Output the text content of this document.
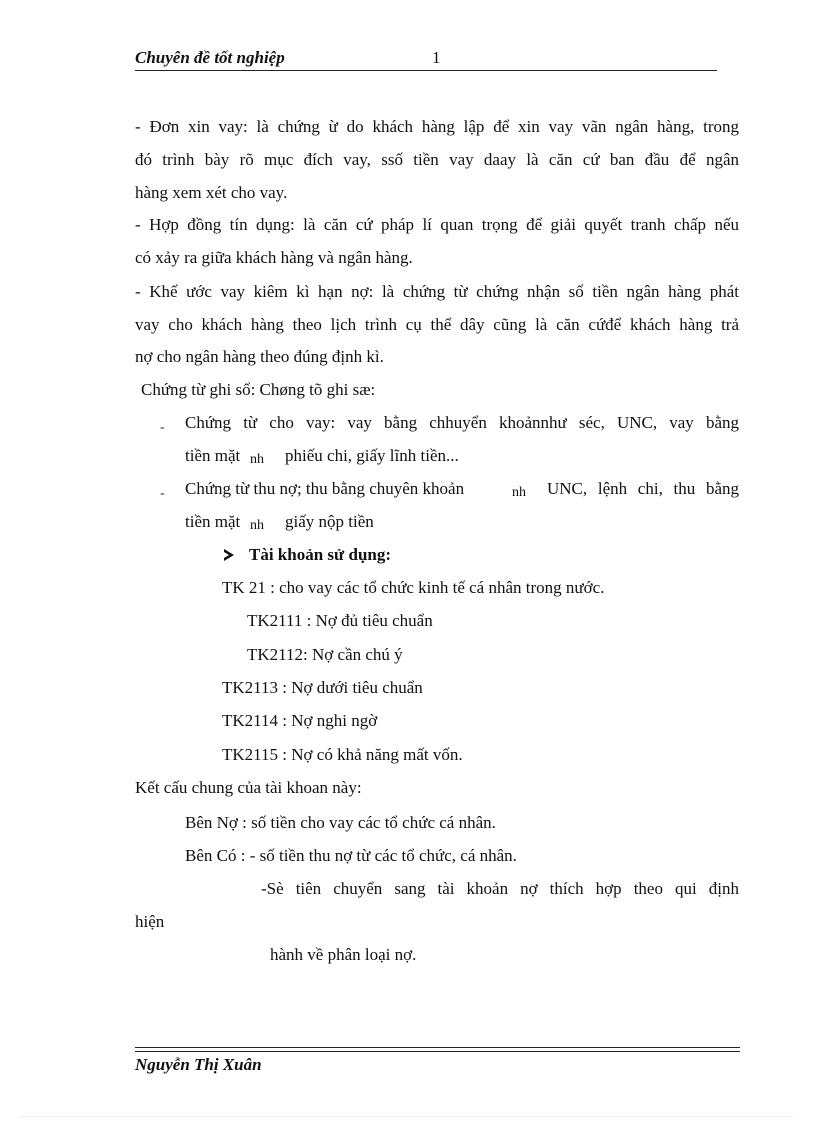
Chuyên đề tốt nghiệp	1
- Đơn xin vay: là chứng ừ do khách hàng lập để xin vay vãn ngân hàng, trong
đó trình bày rõ mục đích vay, ssố tiền vay daay là căn cứ ban đầu để ngân
hàng xem xét cho vay.
- Hợp đồng tín dụng: là căn cứ pháp lí quan trọng để giải quyết tranh chấp nếu
có xảy ra giữa khách hàng và ngân hàng.
- Khế ước vay kiêm kì hạn nợ: là chứng từ chứng nhận số tiền ngân hàng phát
vay cho khách hàng theo lịch trình cụ thể dây cũng là căn cứđể khách hàng trả
nợ cho ngân hàng theo đúng định kì.
Chứng từ ghi sổ: Chøng tõ ghi sæ:
- Chứng từ cho vay: vay bằng chhuyển khoảnnhư séc, UNC, vay bằng
tiền mặt nh phiếu chi, giấy lĩnh tiền...
- Chứng từ thu nợ; thu bằng chuyên khoản	nh UNC, lệnh chi, thu bằng
tiền mặt nh giấy nộp tiền
Tài khoản sử dụng:
TK 21 : cho vay các tổ chức kinh tế cá nhân trong nước.
TK2111 : Nợ đủ tiêu chuẩn
TK2112: Nợ cần chú ý
TK2113 : Nợ dưới tiêu chuẩn
TK2114 : Nợ nghi ngờ
TK2115 : Nợ có khả năng mất vốn.
Kết cấu chung của tài khoan này:
Bên Nợ : số tiền cho vay các tổ chức cá nhân.
Bên Có : - số tiền thu nợ từ các tổ chức, cá nhân.
-Sè tiên chuyển sang tài khoản nợ thích hợp theo qui định
hiện
hành về phân loại nợ.
Nguyễn Thị Xuân
